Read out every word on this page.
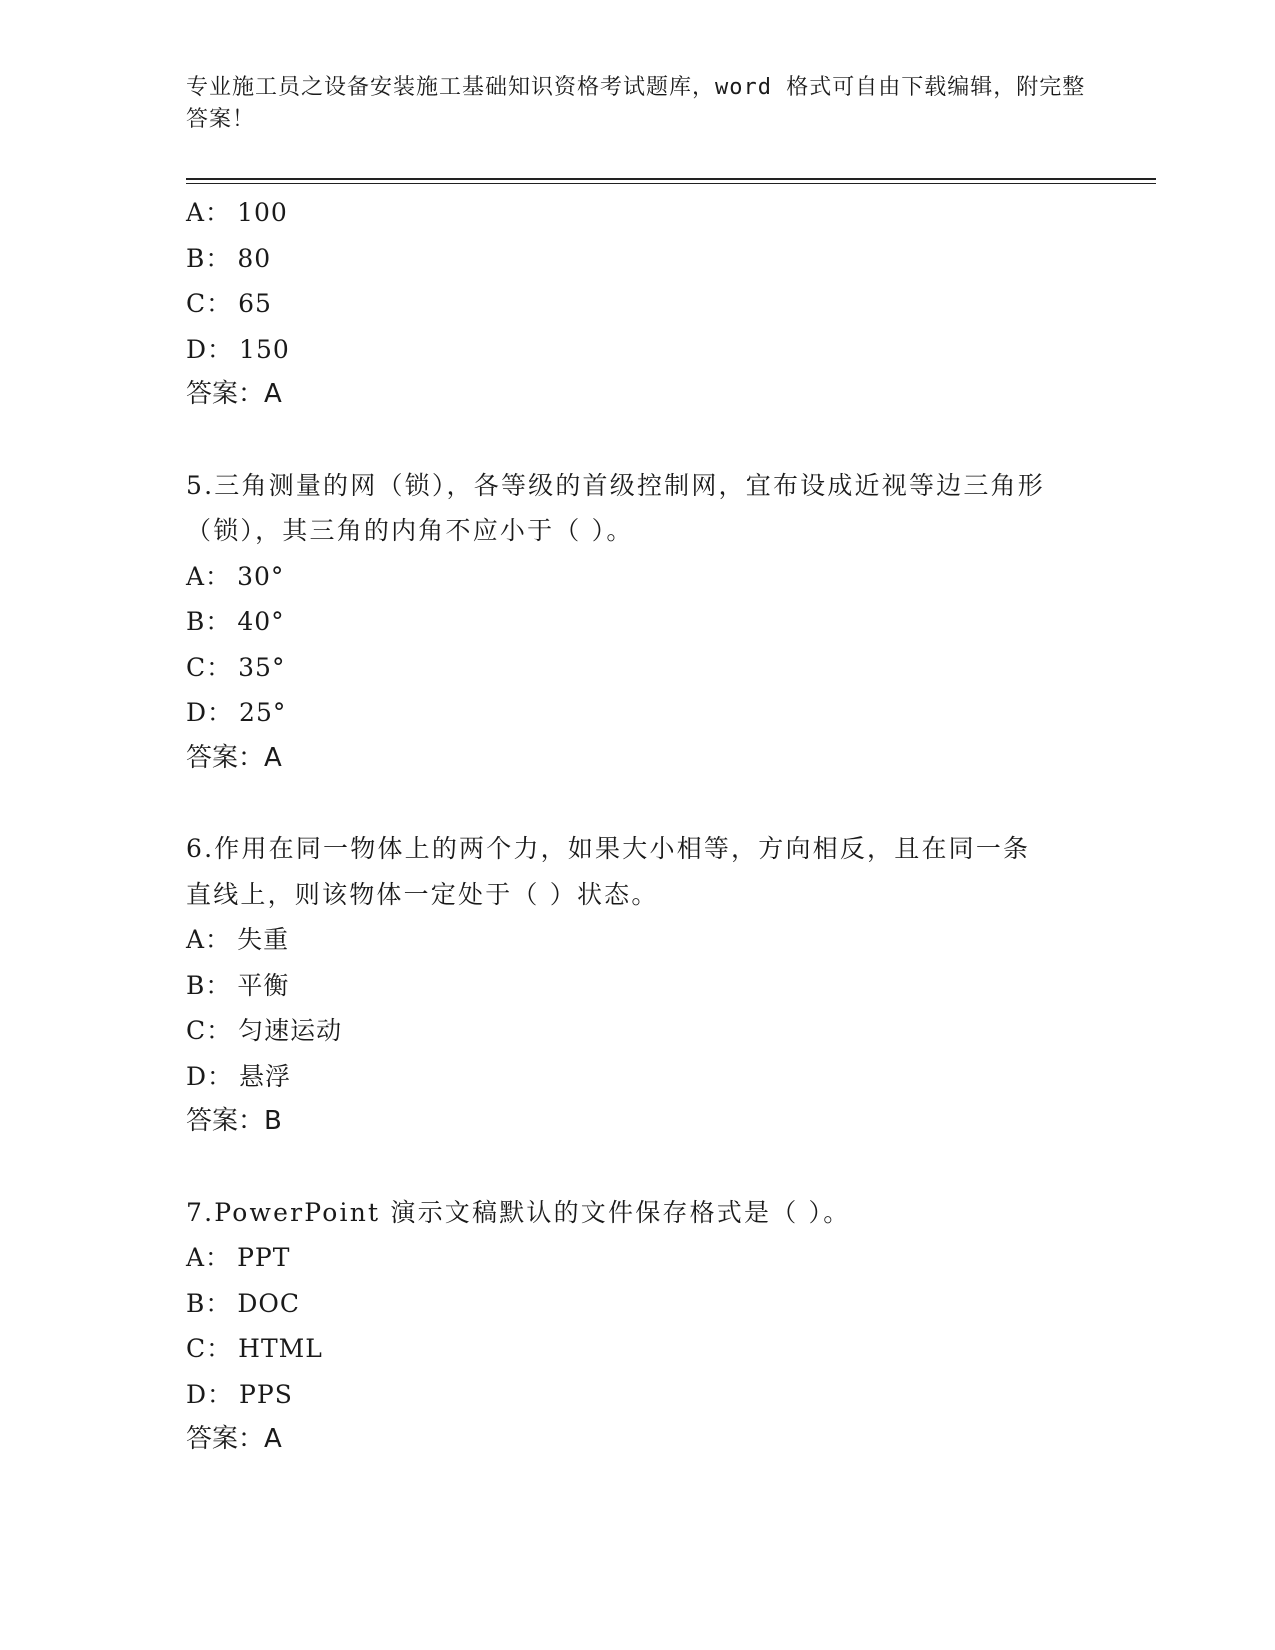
专业施工员之设备安装施工基础知识资格考试题库，word 格式可自由下载编辑，附完整答案！
A： 100
B： 80
C： 65
D： 150
答案：A
5.三角测量的网（锁），各等级的首级控制网，宜布设成近视等边三角形（锁），其三角的内角不应小于（ ）。
A： 30°
B： 40°
C： 35°
D： 25°
答案：A
6.作用在同一物体上的两个力，如果大小相等，方向相反，且在同一条直线上，则该物体一定处于（ ）状态。
A： 失重
B： 平衡
C： 匀速运动
D： 悬浮
答案：B
7.PowerPoint 演示文稿默认的文件保存格式是（ ）。
A： PPT
B： DOC
C： HTML
D： PPS
答案：A
